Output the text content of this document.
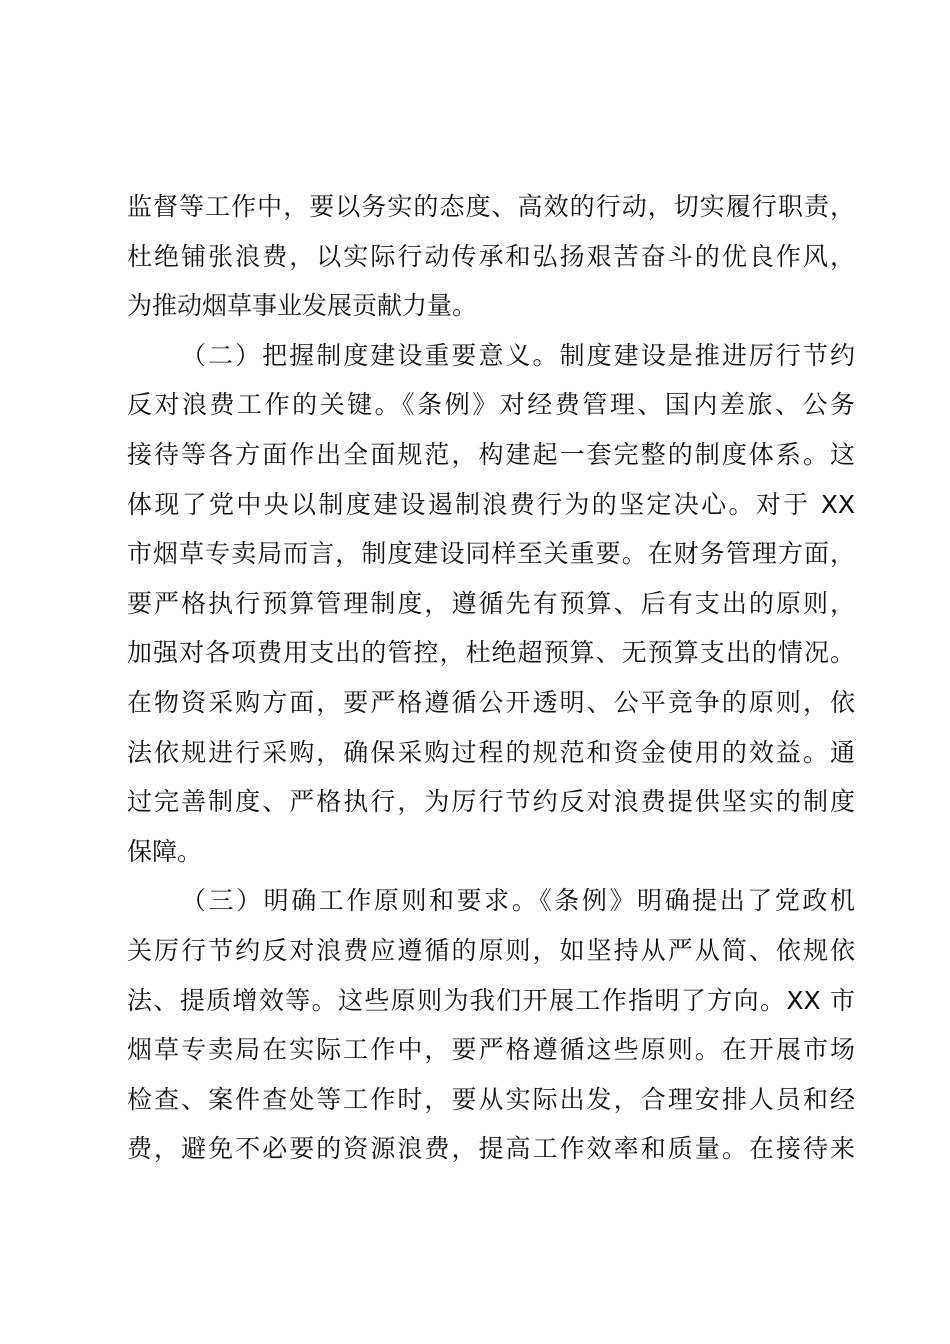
监督等工作中，要以务实的态度、高效的行动，切实履行职责，
杜绝铺张浪费，以实际行动传承和弘扬艰苦奋斗的优良作风，
为推动烟草事业发展贡献力量。
（二）把握制度建设重要意义。制度建设是推进厉行节约
反对浪费工作的关键。《条例》对经费管理、国内差旅、公务
接待等各方面作出全面规范，构建起一套完整的制度体系。这
体现了党中央以制度建设遏制浪费行为的坚定决心。对于 XX
市烟草专卖局而言，制度建设同样至关重要。在财务管理方面，
要严格执行预算管理制度，遵循先有预算、后有支出的原则，
加强对各项费用支出的管控，杜绝超预算、无预算支出的情况。
在物资采购方面，要严格遵循公开透明、公平竞争的原则，依
法依规进行采购，确保采购过程的规范和资金使用的效益。通
过完善制度、严格执行，为厉行节约反对浪费提供坚实的制度
保障。
（三）明确工作原则和要求。《条例》明确提出了党政机
关厉行节约反对浪费应遵循的原则，如坚持从严从简、依规依
法、提质增效等。这些原则为我们开展工作指明了方向。XX 市
烟草专卖局在实际工作中，要严格遵循这些原则。在开展市场
检查、案件查处等工作时，要从实际出发，合理安排人员和经
费，避免不必要的资源浪费，提高工作效率和质量。在接待来
